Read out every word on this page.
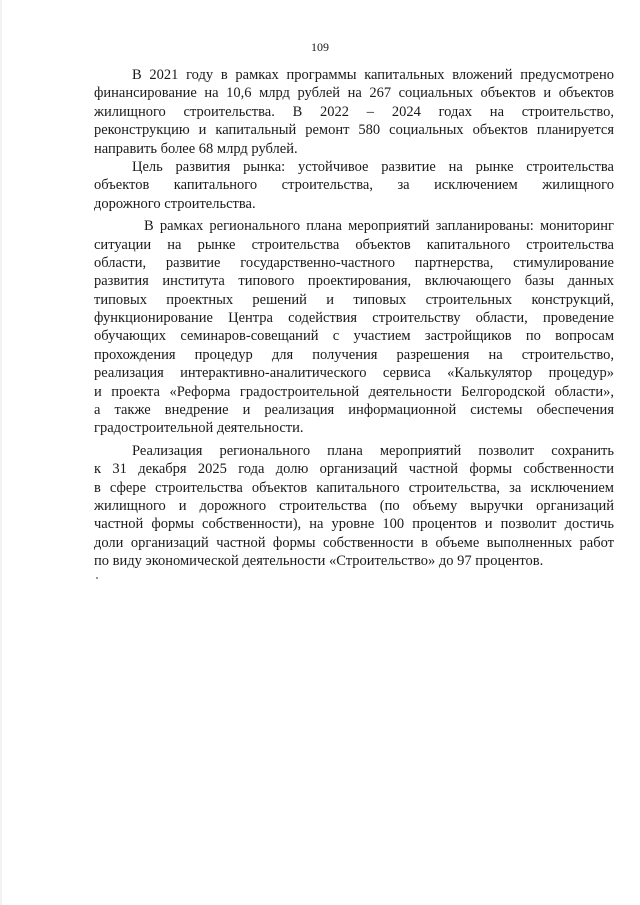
109
В 2021 году в рамках программы капитальных вложений предусмотрено
финансирование на 10,6 млрд рублей на 267 социальных объектов и объектов
жилищного строительства. В 2022 – 2024 годах на строительство,
реконструкцию и капитальный ремонт 580 социальных объектов планируется
направить более 68 млрд рублей.
Цель развития рынка: устойчивое развитие на рынке строительства
объектов капитального строительства, за исключением жилищного
дорожного строительства.
В рамках регионального плана мероприятий запланированы: мониторинг
ситуации на рынке строительства объектов капитального строительства
области, развитие государственно-частного партнерства, стимулирование
развития института типового проектирования, включающего базы данных
типовых проектных решений и типовых строительных конструкций,
функционирование Центра содействия строительству области, проведение
обучающих семинаров-совещаний с участием застройщиков по вопросам
прохождения процедур для получения разрешения на строительство,
реализация интерактивно-аналитического сервиса «Калькулятор процедур»
и проекта «Реформа градостроительной деятельности Белгородской области»,
а также внедрение и реализация информационной системы обеспечения
градостроительной деятельности.
Реализация регионального плана мероприятий позволит сохранить
к 31 декабря 2025 года долю организаций частной формы собственности
в сфере строительства объектов капитального строительства, за исключением
жилищного и дорожного строительства (по объему выручки организаций
частной формы собственности), на уровне 100 процентов и позволит достичь
доли организаций частной формы собственности в объеме выполненных работ
по виду экономической деятельности «Строительство» до 97 процентов.
